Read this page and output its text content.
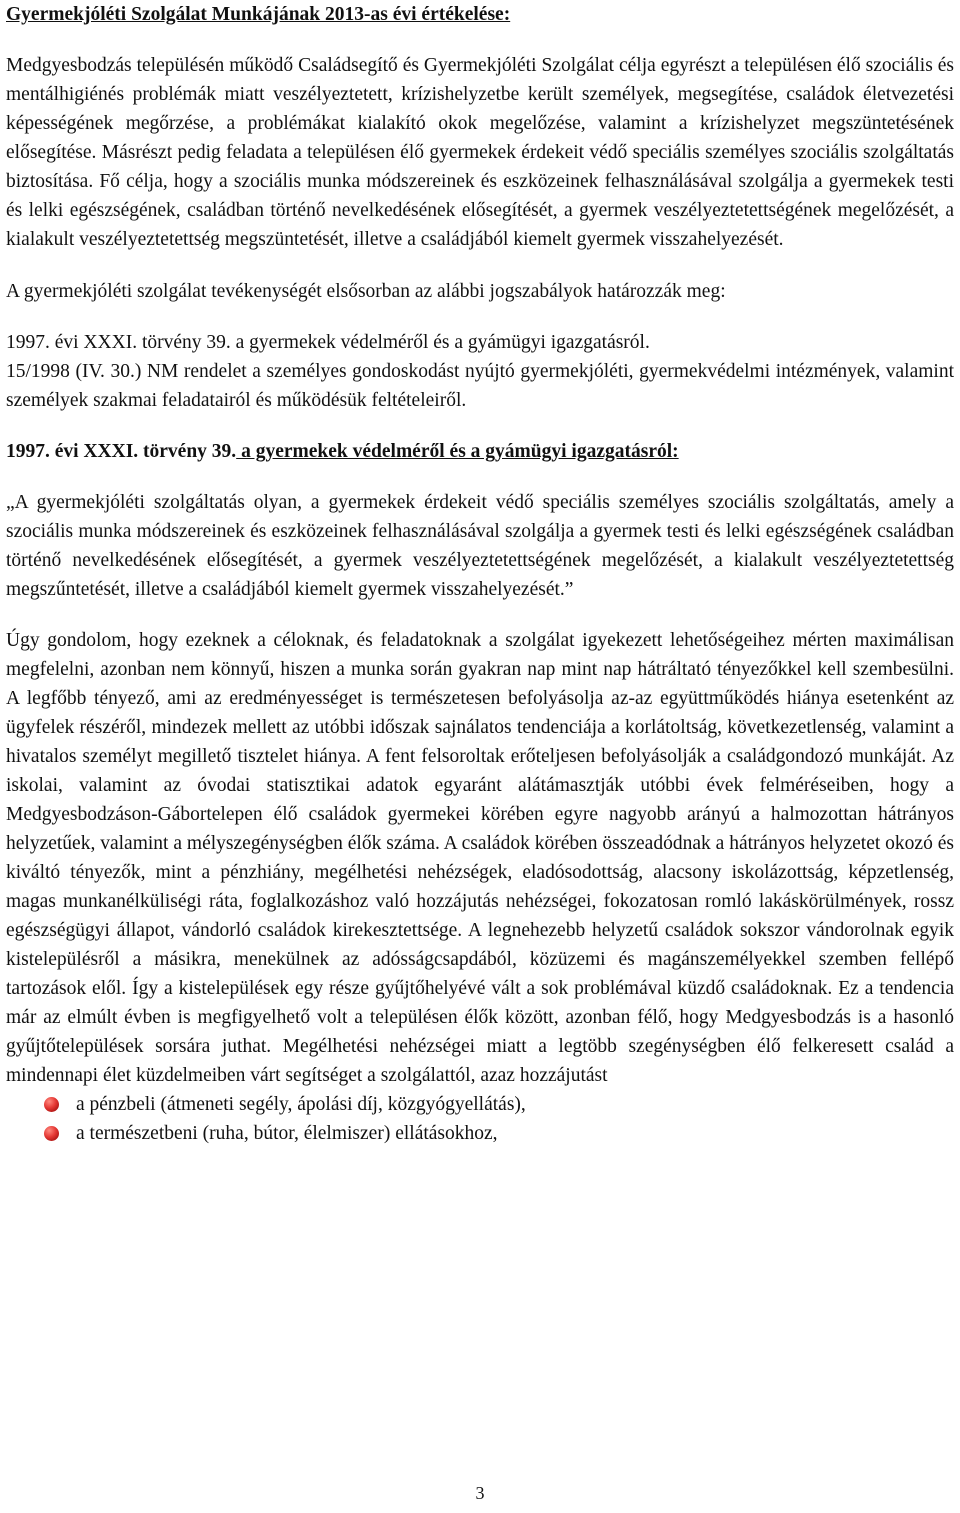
Gyermekjóléti Szolgálat Munkájának 2013-as évi értékelése:

Medgyesbodzás településén működő Családsegítő és Gyermekjóléti Szolgálat célja egyrészt a településen élő szociális és mentálhigiénés problémák miatt veszélyeztetett, krízishelyzetbe került személyek, megsegítése, családok életvezetési képességének megőrzése, a problémákat kialakító okok megelőzése, valamint a krízishelyzet megszüntetésének elősegítése. Másrészt pedig feladata a településen élő gyermekek érdekeit védő speciális személyes szociális szolgáltatás biztosítása. Fő célja, hogy a szociális munka módszereinek és eszközeinek felhasználásával szolgálja a gyermekek testi és lelki egészségének, családban történő nevelkedésének elősegítését, a gyermek veszélyeztetettségének megelőzését, a kialakult veszélyeztetettség megszüntetését, illetve a családjából kiemelt gyermek visszahelyezését.

A gyermekjóléti szolgálat tevékenységét elsősorban az alábbi jogszabályok határozzák meg:

1997. évi XXXI. törvény 39. a gyermekek védelméről és a gyámügyi igazgatásról.

15/1998 (IV. 30.) NM rendelet a személyes gondoskodást nyújtó gyermekjóléti, gyermekvédelmi intézmények, valamint személyek szakmai feladatairól és működésük feltételeiről.

1997. évi XXXI. törvény 39. a gyermekek védelméről és a gyámügyi igazgatásról:

„A gyermekjóléti szolgáltatás olyan, a gyermekek érdekeit védő speciális személyes szociális szolgáltatás, amely a szociális munka módszereinek és eszközeinek felhasználásával szolgálja a gyermek testi és lelki egészségének családban történő nevelkedésének elősegítését, a gyermek veszélyeztetettségének megelőzését, a kialakult veszélyeztetettség megszűntetését, illetve a családjából kiemelt gyermek visszahelyezését.”

Úgy gondolom, hogy ezeknek a céloknak, és feladatoknak a szolgálat igyekezett lehetőségeihez mérten maximálisan megfelelni, azonban nem könnyű, hiszen a munka során gyakran nap mint nap hátráltató tényezőkkel kell szembesülni. A legfőbb tényező, ami az eredményességet is természetesen befolyásolja az-az együttműködés hiánya esetenként az ügyfelek részéről, mindezek mellett az utóbbi időszak sajnálatos tendenciája a korlátoltság, következetlenség, valamint a hivatalos személyt megillető tisztelet hiánya. A fent felsoroltak erőteljesen befolyásolják a családgondozó munkáját. Az iskolai, valamint az óvodai statisztikai adatok egyaránt alátámasztják utóbbi évek felméréseiben, hogy a Medgyesbodzáson-Gábortelepen élő családok gyermekei körében egyre nagyobb arányú a halmozottan hátrányos helyzetűek, valamint a mélyszegénységben élők száma. A családok körében összeadódnak a hátrányos helyzetet okozó és kiváltó tényezők, mint a pénzhiány, megélhetési nehézségek, eladósodottság, alacsony iskolázottság, képzetlenség, magas munkanélküliségi ráta, foglalkozáshoz való hozzájutás nehézségei, fokozatosan romló lakáskörülmények, rossz egészségügyi állapot, vándorló családok kirekesztettsége. A legnehezebb helyzetű családok sokszor vándorolnak egyik kistelepülésről a másikra, menekülnek az adósságcsapdából, közüzemi és magánszemélyekkel szemben fellépő tartozások elől. Így a kistelepülések egy része gyűjtőhelyévé vált a sok problémával küzdő családoknak. Ez a tendencia már az elmúlt évben is megfigyelhető volt a településen élők között, azonban félő, hogy Medgyesbodzás is a hasonló gyűjtőtelepülések sorsára juthat. Megélhetési nehézségei miatt a legtöbb szegénységben élő felkeresett család a mindennapi élet küzdelmeiben várt segítséget a szolgálattól, azaz hozzájutást

a pénzbeli (átmeneti segély, ápolási díj, közgyógyellátás),
a természetbeni (ruha, bútor, élelmiszer) ellátásokhoz,
3
